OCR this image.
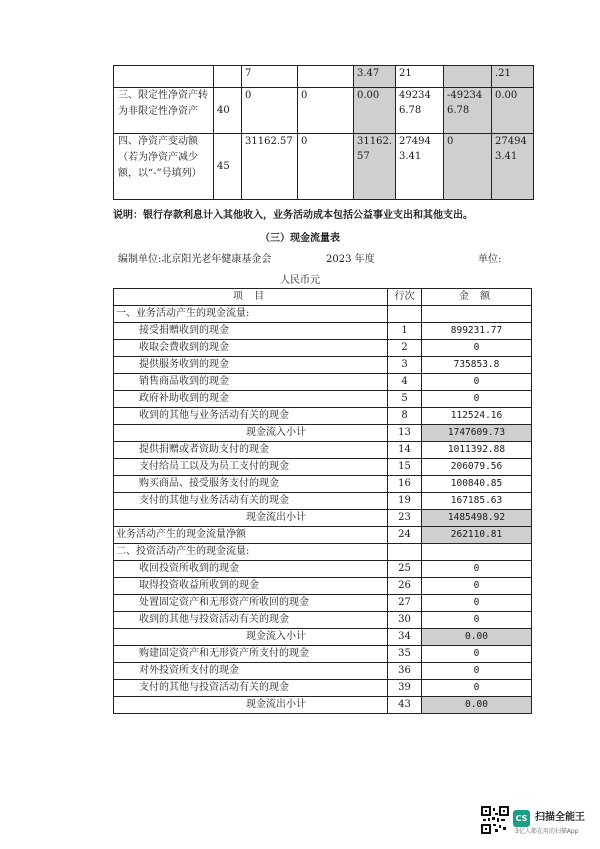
		7		3.47	21		.21
三、限定性净资产转为非限定性净资产	40	0	0	0.00	492346.78	-492346.78	0.00
四、净资产变动额（若为净资产减少额，以“-”号填列）	45	31162.57	0	31162.57	274943.41	0	274943.41
说明：银行存款利息计入其他收入，业务活动成本包括公益事业支出和其他支出。
（三）现金流量表
编制单位:北京阳光老年健康基金会	2023 年度	单位:
人民币元
项 目	行次	金 额
一、业务活动产生的现金流量:		
接受捐赠收到的现金	1	899231.77
收取会费收到的现金	2	0
提供服务收到的现金	3	735853.8
销售商品收到的现金	4	0
政府补助收到的现金	5	0
收到的其他与业务活动有关的现金	8	112524.16
现金流入小计	13	1747609.73
提供捐赠或者资助支付的现金	14	1011392.88
支付给员工以及为员工支付的现金	15	206079.56
购买商品、接受服务支付的现金	16	100840.85
支付的其他与业务活动有关的现金	19	167185.63
现金流出小计	23	1485498.92
业务活动产生的现金流量净额	24	262110.81
二、投资活动产生的现金流量:		
收回投资所收到的现金	25	0
取得投资收益所收到的现金	26	0
处置固定资产和无形资产所收回的现金	27	0
收到的其他与投资活动有关的现金	30	0
现金流入小计	34	0.00
购建固定资产和无形资产所支付的现金	35	0
对外投资所支付的现金	36	0
支付的其他与投资活动有关的现金	39	0
现金流出小计	43	0.00
CS 扫描全能王
3亿人都在用的扫描App
